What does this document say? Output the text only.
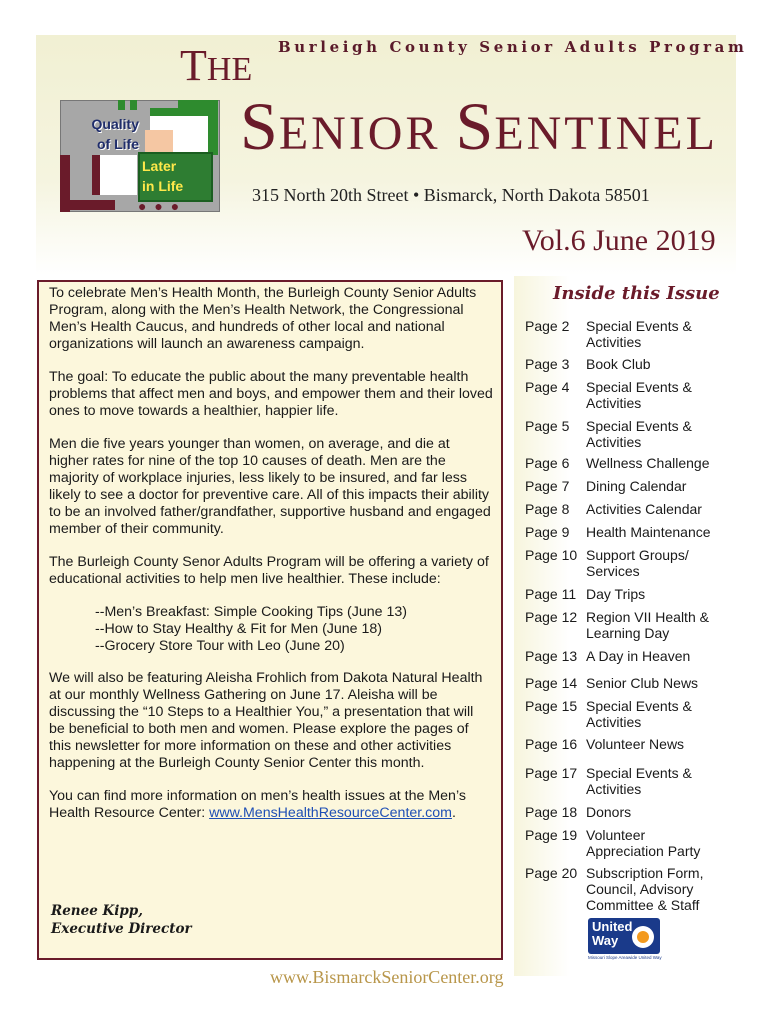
Quality
of Life
Later
in Life
● ● ●
Burleigh County Senior Adults Program
THE
SENIOR SENTINEL
315 North 20th Street • Bismarck, North Dakota 58501
Vol.6 June 2019

To celebrate Men’s Health Month, the Burleigh County Senior Adults Program, along with the Men’s Health Network, the Congressional Men’s Health Caucus, and hundreds of other local and national organizations will launch an awareness campaign.

The goal: To educate the public about the many preventable health problems that affect men and boys, and empower them and their loved ones to move towards a healthier, happier life.

Men die five years younger than women, on average, and die at higher rates for nine of the top 10 causes of death. Men are the majority of workplace injuries, less likely to be insured, and far less likely to see a doctor for preventive care. All of this impacts their ability to be an involved father/grandfather, supportive husband and engaged member of their community.

The Burleigh County Senor Adults Program will be offering a variety of educational activities to help men live healthier. These include:

--Men’s Breakfast: Simple Cooking Tips (June 13)
--How to Stay Healthy & Fit for Men (June 18)
--Grocery Store Tour with Leo (June 20)

We will also be featuring Aleisha Frohlich from Dakota Natural Health at our monthly Wellness Gathering on June 17. Aleisha will be discussing the “10 Steps to a Healthier You,” a presentation that will be beneficial to both men and women. Please explore the pages of this newsletter for more information on these and other activities happening at the Burleigh County Senior Center this month.

You can find more information on men’s health issues at the Men’s Health Resource Center: www.MensHealthResourceCenter.com.

Renee Kipp,
Executive Director
Inside this Issue
Page 2 Special Events & Activities
Page 3 Book Club
Page 4 Special Events & Activities
Page 5 Special Events & Activities
Page 6 Wellness Challenge
Page 7 Dining Calendar
Page 8 Activities Calendar
Page 9 Health Maintenance
Page 10 Support Groups/ Services
Page 11 Day Trips
Page 12 Region VII Health & Learning Day
Page 13 A Day in Heaven
Page 14 Senior Club News
Page 15 Special Events & Activities
Page 16 Volunteer News
Page 17 Special Events & Activities
Page 18 Donors
Page 19 Volunteer Appreciation Party
Page 20 Subscription Form, Council, Advisory Committee & Staff
United
Way
Missouri Slope Areawide United Way
www.BismarckSeniorCenter.org
